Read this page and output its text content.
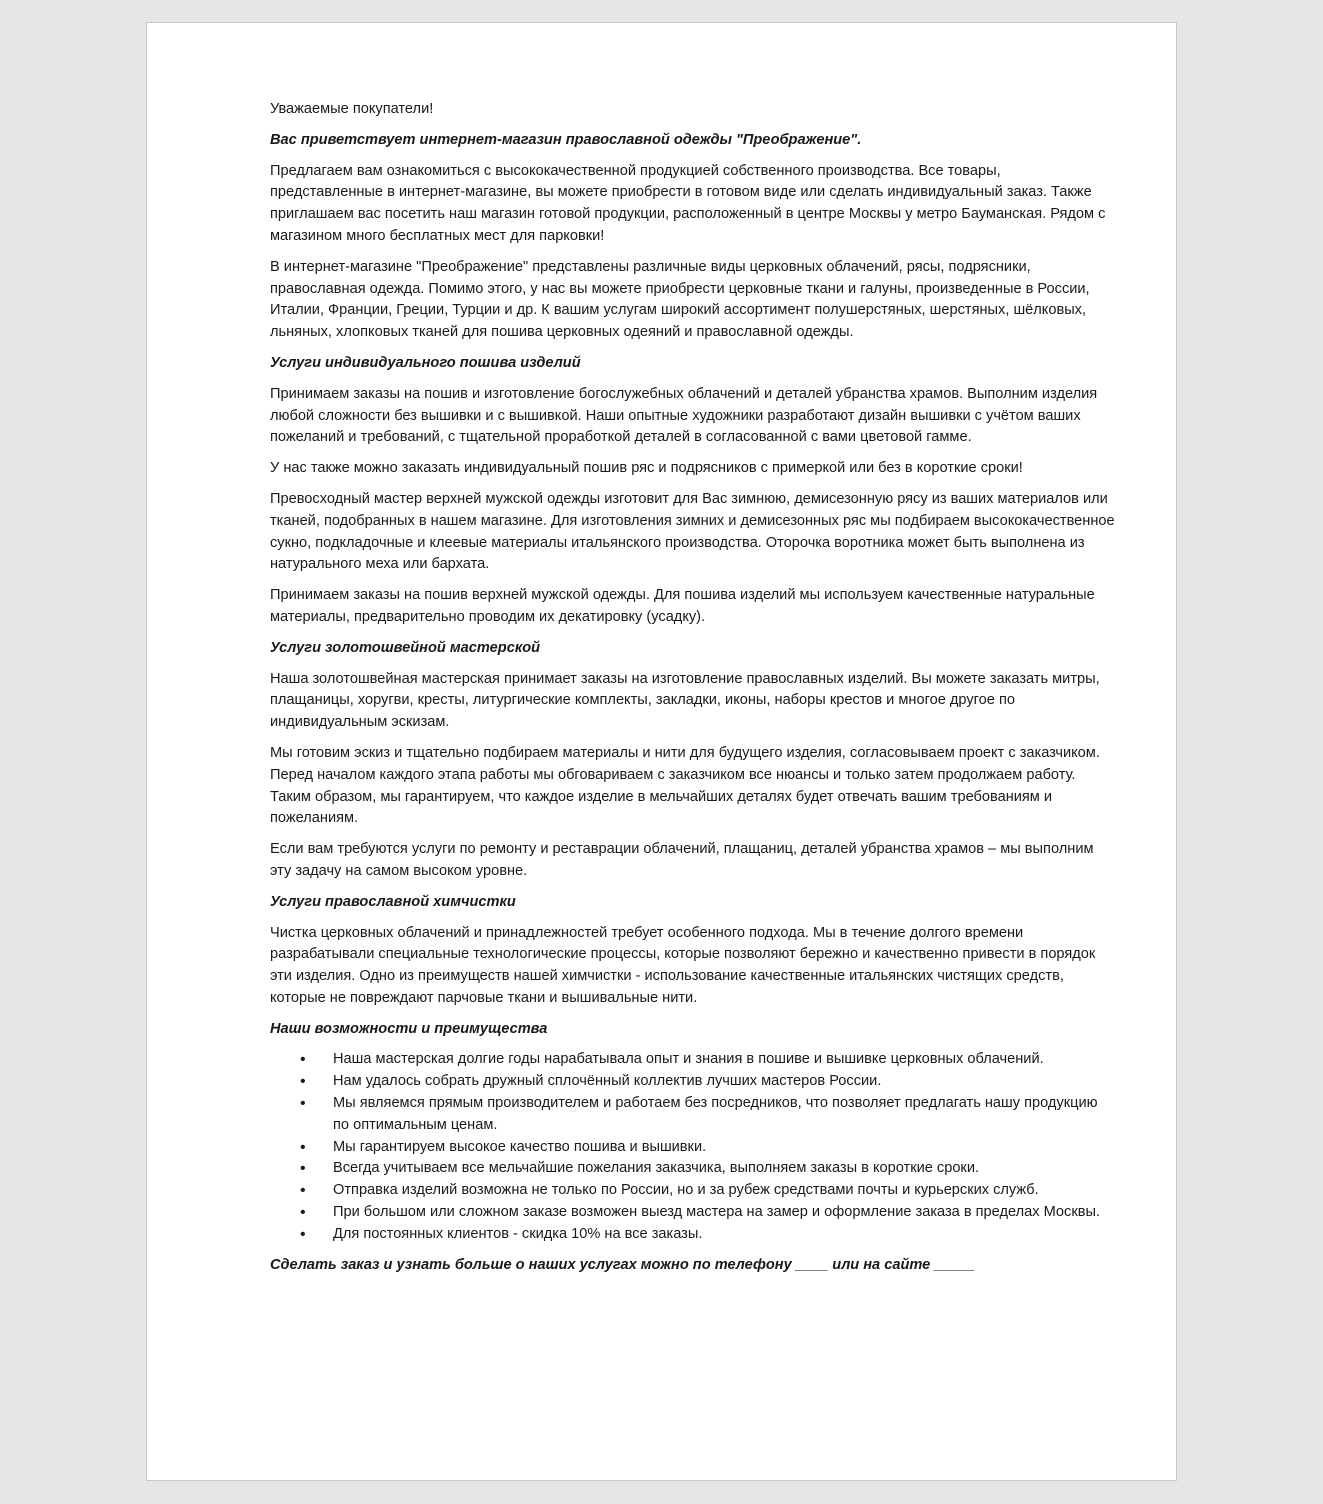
Уважаемые покупатели!

Вас приветствует интернет-магазин православной одежды "Преображение".

Предлагаем вам ознакомиться с высококачественной продукцией собственного производства. Все товары, представленные в интернет-магазине, вы можете приобрести в готовом виде или сделать индивидуальный заказ. Также приглашаем вас посетить наш магазин готовой продукции, расположенный в центре Москвы у метро Бауманская. Рядом с магазином много бесплатных мест для парковки!

В интернет-магазине "Преображение" представлены различные виды церковных облачений, рясы, подрясники, православная одежда. Помимо этого, у нас вы можете приобрести церковные ткани и галуны, произведенные в России, Италии, Франции, Греции, Турции и др. К вашим услугам широкий ассортимент полушерстяных, шерстяных, шёлковых, льняных, хлопковых тканей для пошива церковных одеяний и православной одежды.

Услуги индивидуального пошива изделий

Принимаем заказы на пошив и изготовление богослужебных облачений и деталей убранства храмов. Выполним изделия любой сложности без вышивки и с вышивкой. Наши опытные художники разработают дизайн вышивки с учётом ваших пожеланий и требований, с тщательной проработкой деталей в согласованной с вами цветовой гамме.

У нас также можно заказать индивидуальный пошив ряс и подрясников с примеркой или без в короткие сроки!

Превосходный мастер верхней мужской одежды изготовит для Вас зимнюю, демисезонную рясу из ваших материалов или тканей, подобранных в нашем магазине. Для изготовления зимних и демисезонных ряс мы подбираем высококачественное сукно, подкладочные и клеевые материалы итальянского производства. Оторочка воротника может быть выполнена из натурального меха или бархата.

Принимаем заказы на пошив верхней мужской одежды. Для пошива изделий мы используем качественные натуральные материалы, предварительно проводим их декатировку (усадку).

Услуги золотошвейной мастерской

Наша золотошвейная мастерская принимает заказы на изготовление православных изделий. Вы можете заказать митры, плащаницы, хоругви, кресты, литургические комплекты, закладки, иконы, наборы крестов и многое другое по индивидуальным эскизам.

Мы готовим эскиз и тщательно подбираем материалы и нити для будущего изделия, согласовываем проект с заказчиком. Перед началом каждого этапа работы мы обговариваем с заказчиком все нюансы и только затем продолжаем работу. Таким образом, мы гарантируем, что каждое изделие в мельчайших деталях будет отвечать вашим требованиям и пожеланиям.

Если вам требуются услуги по ремонту и реставрации облачений, плащаниц, деталей убранства храмов – мы выполним эту задачу на самом высоком уровне.

Услуги православной химчистки

Чистка церковных облачений и принадлежностей требует особенного подхода. Мы в течение долгого времени разрабатывали специальные технологические процессы, которые позволяют бережно и качественно привести в порядок эти изделия. Одно из преимуществ нашей химчистки - использование качественные итальянских чистящих средств, которые не повреждают парчовые ткани и вышивальные нити.

Наши возможности и преимущества

• Наша мастерская долгие годы нарабатывала опыт и знания в пошиве и вышивке церковных облачений.
• Нам удалось собрать дружный сплочённый коллектив лучших мастеров России.
• Мы являемся прямым производителем и работаем без посредников, что позволяет предлагать нашу продукцию по оптимальным ценам.
• Мы гарантируем высокое качество пошива и вышивки.
• Всегда учитываем все мельчайшие пожелания заказчика, выполняем заказы в короткие сроки.
• Отправка изделий возможна не только по России, но и за рубеж средствами почты и курьерских служб.
• При большом или сложном заказе возможен выезд мастера на замер и оформление заказа в пределах Москвы.
• Для постоянных клиентов - скидка 10% на все заказы.

Сделать заказ и узнать больше о наших услугах можно по телефону ____ или на сайте _____
